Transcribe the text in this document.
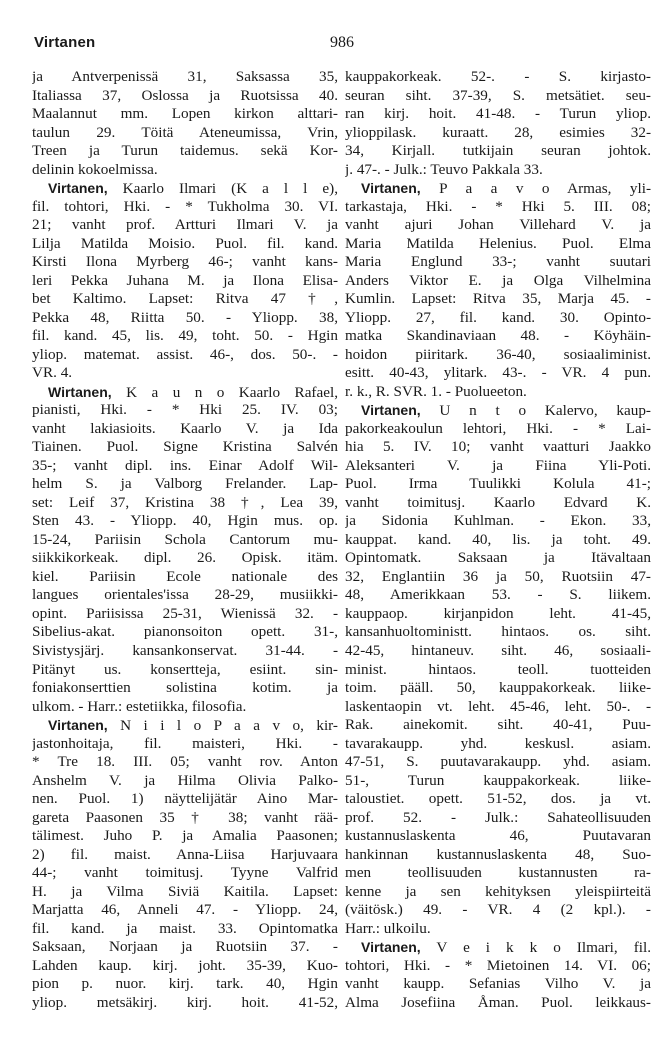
Virtanen	986
ja Antverpenissä 31, Saksassa 35,
Italiassa 37, Oslossa ja Ruotsissa 40.
Maalannut mm. Lopen kirkon alttari-
taulun 29. Töitä Ateneumissa, Vrin,
Treen ja Turun taidemus. sekä Kor-
delinin kokoelmissa.
Virtanen, Kaarlo Ilmari (K a l l e),
fil. tohtori, Hki. - * Tukholma 30. VI.
21; vanht prof. Artturi Ilmari V. ja
Lilja Matilda Moisio. Puol. fil. kand.
Kirsti Ilona Myrberg 46-; vanht kans-
leri Pekka Juhana M. ja Ilona Elisa-
bet Kaltimo. Lapset: Ritva 47 †,
Pekka 48, Riitta 50. - Yliopp. 38,
fil. kand. 45, lis. 49, toht. 50. - Hgin
yliop. matemat. assist. 46-, dos. 50-. -
VR. 4.
Wirtanen, K a u n o Kaarlo Rafael,
pianisti, Hki. - * Hki 25. IV. 03;
vanht lakiasioits. Kaarlo V. ja Ida
Tiainen. Puol. Signe Kristina Salvén
35-; vanht dipl. ins. Einar Adolf Wil-
helm S. ja Valborg Frelander. Lap-
set: Leif 37, Kristina 38 †, Lea 39,
Sten 43. - Yliopp. 40, Hgin mus. op.
15-24, Pariisin Schola Cantorum mu-
siikkikorkeak. dipl. 26. Opisk. itäm.
kiel. Pariisin Ecole nationale des
langues orientales'issa 28-29, musiikki-
opint. Pariisissa 25-31, Wienissä 32. -
Sibelius-akat. pianonsoiton opett. 31-,
Sivistysjärj. kansankonservat. 31-44. -
Pitänyt us. konsertteja, esiint. sin-
foniakonserttien solistina kotim. ja
ulkom. - Harr.: estetiikka, filosofia.
Virtanen, N i i l o P a a v o, kir-
jastonhoitaja, fil. maisteri, Hki. -
* Tre 18. III. 05; vanht rov. Anton
Anshelm V. ja Hilma Olivia Palko-
nen. Puol. 1) näyttelijätär Aino Mar-
gareta Paasonen 35 † 38; vanht rää-
tälimest. Juho P. ja Amalia Paasonen;
2) fil. maist. Anna-Liisa Harjuvaara
44-; vanht toimitusj. Tyyne Valfrid
H. ja Vilma Siviä Kaitila. Lapset:
Marjatta 46, Anneli 47. - Yliopp. 24,
fil. kand. ja maist. 33. Opintomatka
Saksaan, Norjaan ja Ruotsiin 37. -
Lahden kaup. kirj. joht. 35-39, Kuo-
pion p. nuor. kirj. tark. 40, Hgin
yliop. metsäkirj. kirj. hoit. 41-52,
kauppakorkeak. 52-. - S. kirjasto-
seuran siht. 37-39, S. metsätiet. seu-
ran kirj. hoit. 41-48. - Turun yliop.
ylioppilask. kuraatt. 28, esimies 32-
34, Kirjall. tutkijain seuran johtok.
j. 47-. - Julk.: Teuvo Pakkala 33.
Virtanen, P a a v o Armas, yli-
tarkastaja, Hki. - * Hki 5. III. 08;
vanht ajuri Johan Villehard V. ja
Maria Matilda Helenius. Puol. Elma
Maria Englund 33-; vanht suutari
Anders Viktor E. ja Olga Vilhelmina
Kumlin. Lapset: Ritva 35, Marja 45. -
Yliopp. 27, fil. kand. 30. Opinto-
matka Skandinaviaan 48. - Köyhäin-
hoidon piiritark. 36-40, sosiaaliminist.
esitt. 40-43, ylitark. 43-. - VR. 4 pun.
r. k., R. SVR. 1. - Puolueeton.
Virtanen, U n t o Kalervo, kaup-
pakorkeakoulun lehtori, Hki. - * Lai-
hia 5. IV. 10; vanht vaatturi Jaakko
Aleksanteri V. ja Fiina Yli-Poti.
Puol. Irma Tuulikki Kolula 41-;
vanht toimitusj. Kaarlo Edvard K.
ja Sidonia Kuhlman. - Ekon. 33,
kauppat. kand. 40, lis. ja toht. 49.
Opintomatk. Saksaan ja Itävaltaan
32, Englantiin 36 ja 50, Ruotsiin 47-
48, Amerikkaan 53. - S. liikem.
kauppaop. kirjanpidon leht. 41-45,
kansanhuoltoministt. hintaos. os. siht.
42-45, hintaneuv. siht. 46, sosiaali-
minist. hintaos. teoll. tuotteiden
toim. pääll. 50, kauppakorkeak. liike-
laskentaopin vt. leht. 45-46, leht. 50-. -
Rak. ainekomit. siht. 40-41, Puu-
tavarakaupp. yhd. keskusl. asiam.
47-51, S. puutavarakaupp. yhd. asiam.
51-, Turun kauppakorkeak. liike-
taloustiet. opett. 51-52, dos. ja vt.
prof. 52. - Julk.: Sahateollisuuden
kustannuslaskenta 46, Puutavaran
hankinnan kustannuslaskenta 48, Suo-
men teollisuuden kustannusten ra-
kenne ja sen kehityksen yleispiirteitä
(väitösk.) 49. - VR. 4 (2 kpl.). -
Harr.: ulkoilu.
Virtanen, V e i k k o Ilmari, fil.
tohtori, Hki. - * Mietoinen 14. VI. 06;
vanht kaupp. Sefanias Vilho V. ja
Alma Josefiina Åman. Puol. leikkaus-
